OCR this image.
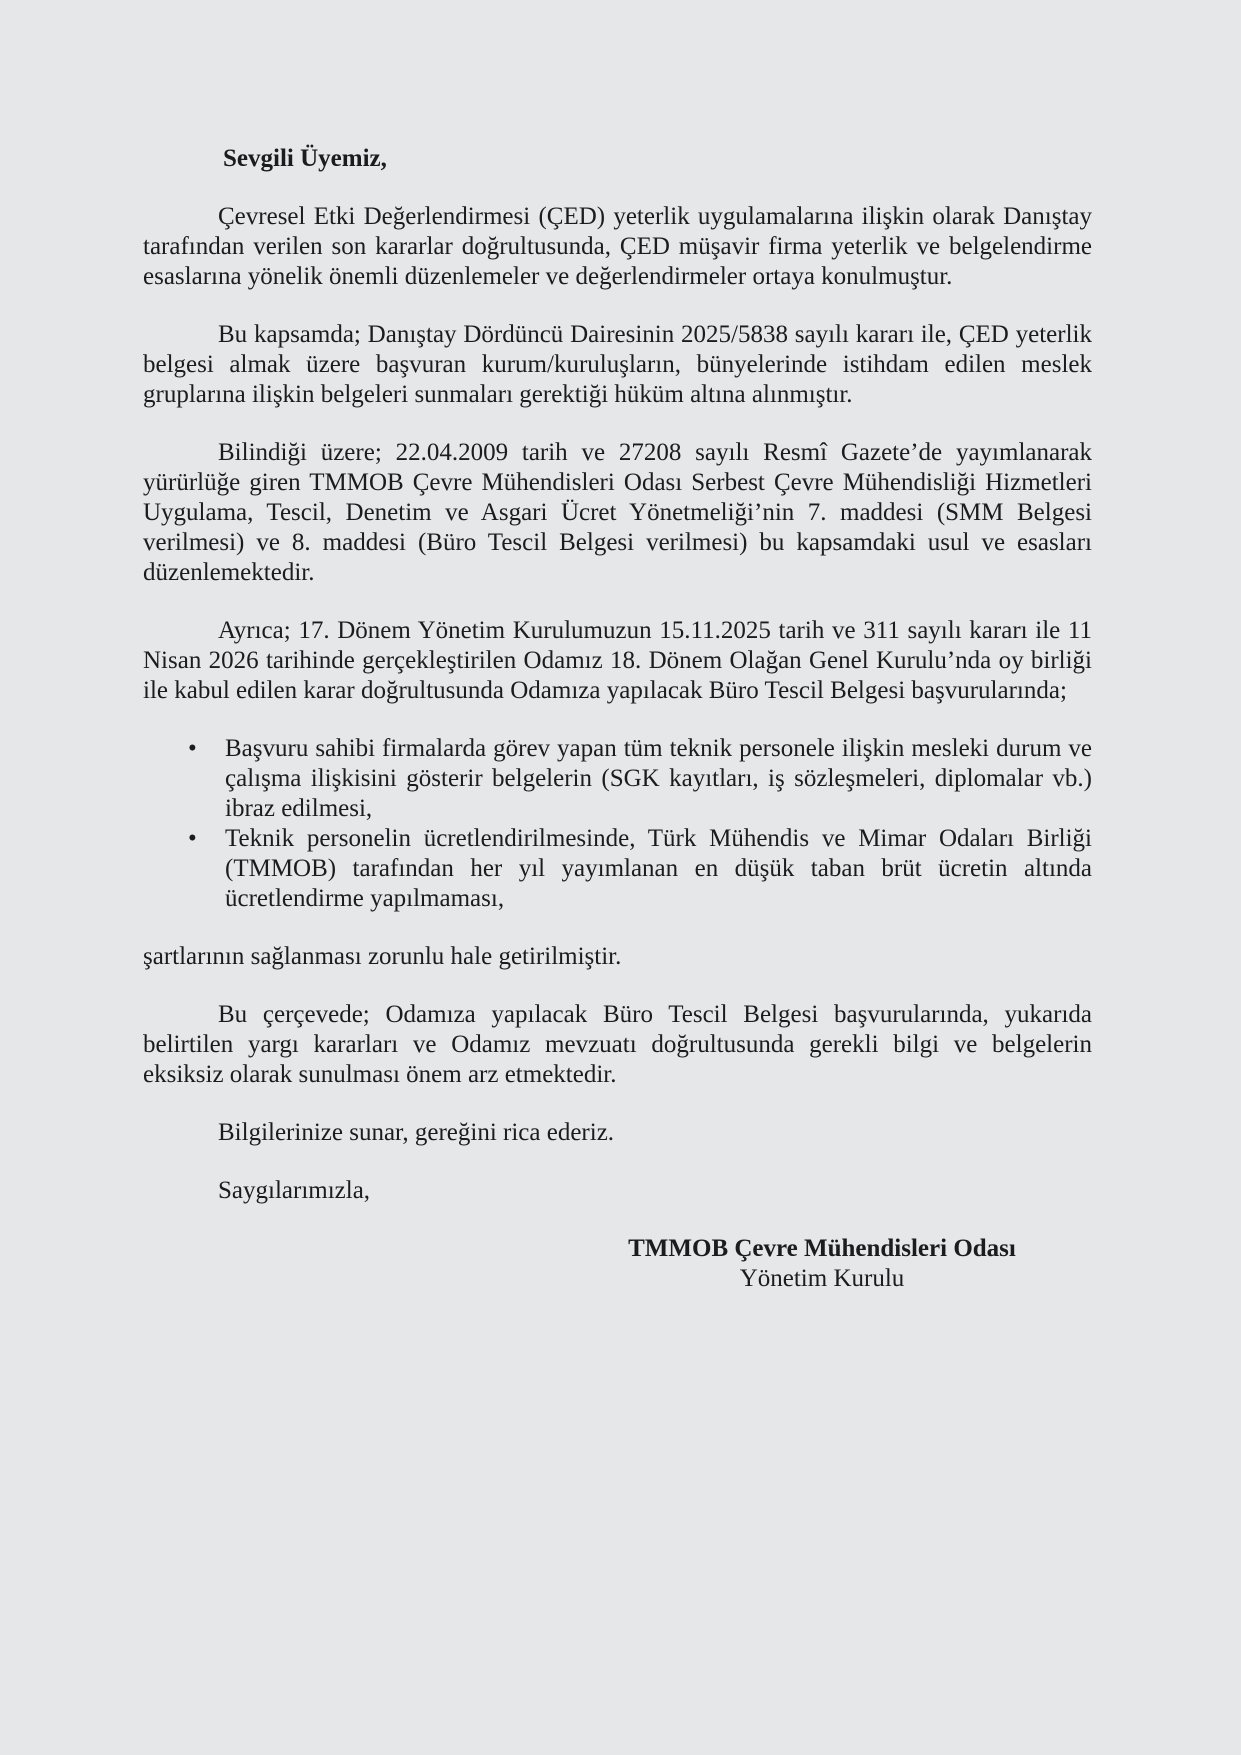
Sevgili Üyemiz,

Çevresel Etki Değerlendirmesi (ÇED) yeterlik uygulamalarına ilişkin olarak Danıştay tarafından verilen son kararlar doğrultusunda, ÇED müşavir firma yeterlik ve belgelendirme esaslarına yönelik önemli düzenlemeler ve değerlendirmeler ortaya konulmuştur.

Bu kapsamda; Danıştay Dördüncü Dairesinin 2025/5838 sayılı kararı ile, ÇED yeterlik belgesi almak üzere başvuran kurum/kuruluşların, bünyelerinde istihdam edilen meslek gruplarına ilişkin belgeleri sunmaları gerektiği hüküm altına alınmıştır.

Bilindiği üzere; 22.04.2009 tarih ve 27208 sayılı Resmî Gazete’de yayımlanarak yürürlüğe giren TMMOB Çevre Mühendisleri Odası Serbest Çevre Mühendisliği Hizmetleri Uygulama, Tescil, Denetim ve Asgari Ücret Yönetmeliği’nin 7. maddesi (SMM Belgesi verilmesi) ve 8. maddesi (Büro Tescil Belgesi verilmesi) bu kapsamdaki usul ve esasları düzenlemektedir.

Ayrıca; 17. Dönem Yönetim Kurulumuzun 15.11.2025 tarih ve 311 sayılı kararı ile 11 Nisan 2026 tarihinde gerçekleştirilen Odamız 18. Dönem Olağan Genel Kurulu’nda oy birliği ile kabul edilen karar doğrultusunda Odamıza yapılacak Büro Tescil Belgesi başvurularında;

• Başvuru sahibi firmalarda görev yapan tüm teknik personele ilişkin mesleki durum ve çalışma ilişkisini gösterir belgelerin (SGK kayıtları, iş sözleşmeleri, diplomalar vb.) ibraz edilmesi,
• Teknik personelin ücretlendirilmesinde, Türk Mühendis ve Mimar Odaları Birliği (TMMOB) tarafından her yıl yayımlanan en düşük taban brüt ücretin altında ücretlendirme yapılmaması,

şartlarının sağlanması zorunlu hale getirilmiştir.

Bu çerçevede; Odamıza yapılacak Büro Tescil Belgesi başvurularında, yukarıda belirtilen yargı kararları ve Odamız mevzuatı doğrultusunda gerekli bilgi ve belgelerin eksiksiz olarak sunulması önem arz etmektedir.

Bilgilerinize sunar, gereğini rica ederiz.

Saygılarımızla,

TMMOB Çevre Mühendisleri Odası
Yönetim Kurulu
